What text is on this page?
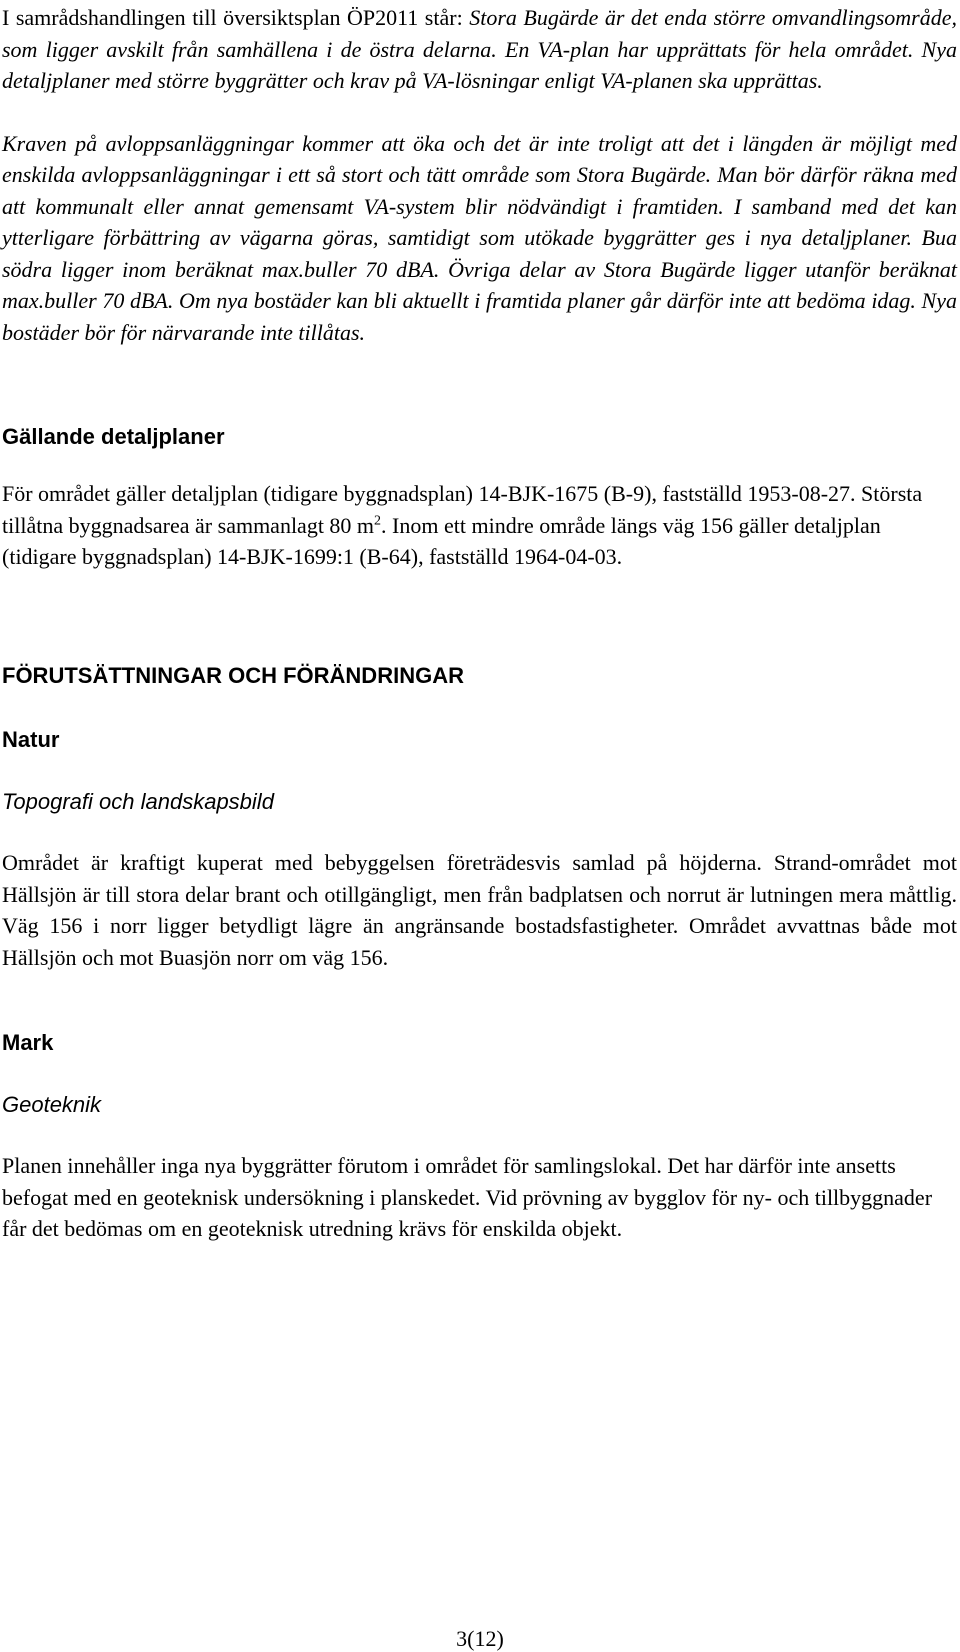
I samrådshandlingen till översiktsplan ÖP2011 står: Stora Bugärde är det enda större omvandlingsområde, som ligger avskilt från samhällena i de östra delarna. En VA-plan har upprättats för hela området. Nya detaljplaner med större byggrätter och krav på VA-lösningar enligt VA-planen ska upprättas.

Kraven på avloppsanläggningar kommer att öka och det är inte troligt att det i längden är möjligt med enskilda avloppsanläggningar i ett så stort och tätt område som Stora Bugärde. Man bör därför räkna med att kommunalt eller annat gemensamt VA-system blir nödvändigt i framtiden. I samband med det kan ytterligare förbättring av vägarna göras, samtidigt som utökade byggrätter ges i nya detaljplaner. Bua södra ligger inom beräknat max.buller 70 dBA. Övriga delar av Stora Bugärde ligger utanför beräknat max.buller 70 dBA. Om nya bostäder kan bli aktuellt i framtida planer går därför inte att bedöma idag. Nya bostäder bör för närvarande inte tillåtas.

Gällande detaljplaner

För området gäller detaljplan (tidigare byggnadsplan) 14-BJK-1675 (B-9), fastställd 1953-08-27. Största tillåtna byggnadsarea är sammanlagt 80 $m^2$. Inom ett mindre område längs väg 156 gäller detaljplan (tidigare byggnadsplan) 14-BJK-1699:1 (B-64), fastställd 1964-04-03.

FÖRUTSÄTTNINGAR OCH FÖRÄNDRINGAR
Natur
Topografi och landskapsbild

Området är kraftigt kuperat med bebyggelsen företrädesvis samlad på höjderna. Strand-området mot Hällsjön är till stora delar brant och otillgängligt, men från badplatsen och norrut är lutningen mera måttlig. Väg 156 i norr ligger betydligt lägre än angränsande bostadsfastigheter. Området avvattnas både mot Hällsjön och mot Buasjön norr om väg 156.

Mark
Geoteknik

Planen innehåller inga nya byggrätter förutom i området för samlingslokal. Det har därför inte ansetts befogat med en geoteknisk undersökning i planskedet. Vid prövning av bygglov för ny- och tillbyggnader får det bedömas om en geoteknisk utredning krävs för enskilda objekt.

3(12)
